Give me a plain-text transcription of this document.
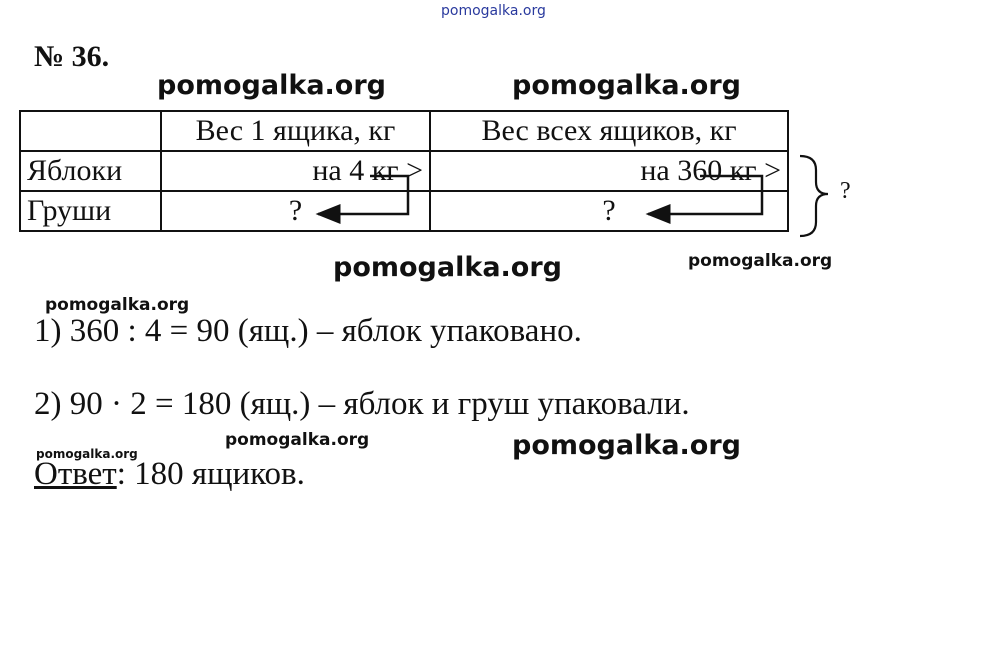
pomogalka.org
pomogalka.org	pomogalka.org
pomogalka.org	pomogalka.org
pomogalka.org
pomogalka.org	pomogalka.org
pomogalka.org
№ 36.
	Вес 1 ящика, кг	Вес всех ящиков, кг
Яблоки	на 4 кг >	на 360 кг >
Груши	?	?
?
1) 360 : 4 = 90 (ящ.) – яблок упаковано.
2) 90 · 2 = 180 (ящ.) – яблок и груш упаковали.
Ответ: 180 ящиков.
